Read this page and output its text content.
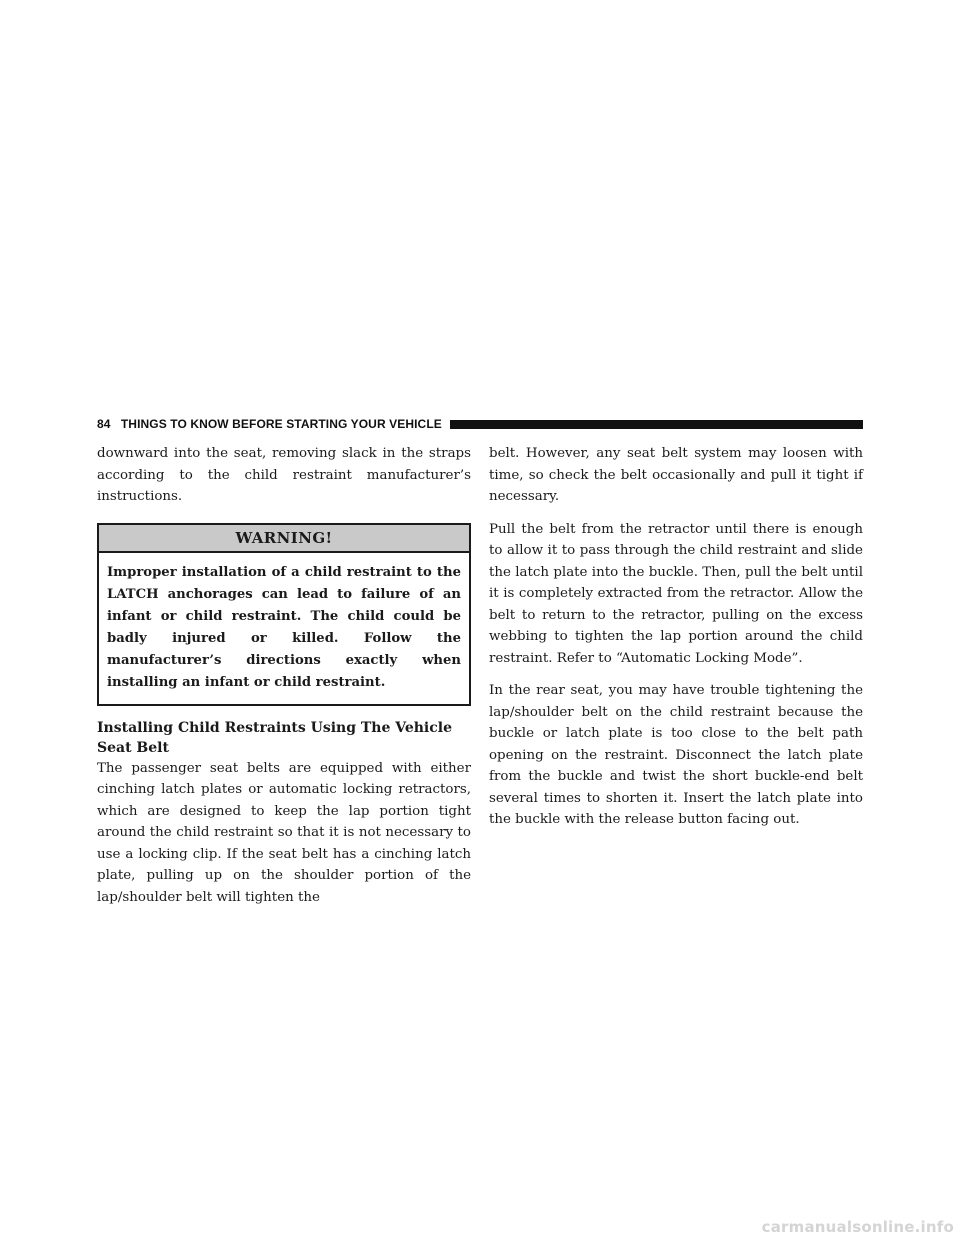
84 THINGS TO KNOW BEFORE STARTING YOUR VEHICLE

downward into the seat, removing slack in the straps according to the child restraint manufacturer’s instructions.

WARNING!
Improper installation of a child restraint to the LATCH anchorages can lead to failure of an infant or child restraint. The child could be badly injured or killed. Follow the manufacturer’s directions exactly when installing an infant or child restraint.
Installing Child Restraints Using The Vehicle Seat Belt

The passenger seat belts are equipped with either cinching latch plates or automatic locking retractors, which are designed to keep the lap portion tight around the child restraint so that it is not necessary to use a locking clip. If the seat belt has a cinching latch plate, pulling up on the shoulder portion of the lap/shoulder belt will tighten the

belt. However, any seat belt system may loosen with time, so check the belt occasionally and pull it tight if necessary.

Pull the belt from the retractor until there is enough to allow it to pass through the child restraint and slide the latch plate into the buckle. Then, pull the belt until it is completely extracted from the retractor. Allow the belt to return to the retractor, pulling on the excess webbing to tighten the lap portion around the child restraint. Refer to “Automatic Locking Mode”.

In the rear seat, you may have trouble tightening the lap/shoulder belt on the child restraint because the buckle or latch plate is too close to the belt path opening on the restraint. Disconnect the latch plate from the buckle and twist the short buckle-end belt several times to shorten it. Insert the latch plate into the buckle with the release button facing out.

carmanualsonline.info
